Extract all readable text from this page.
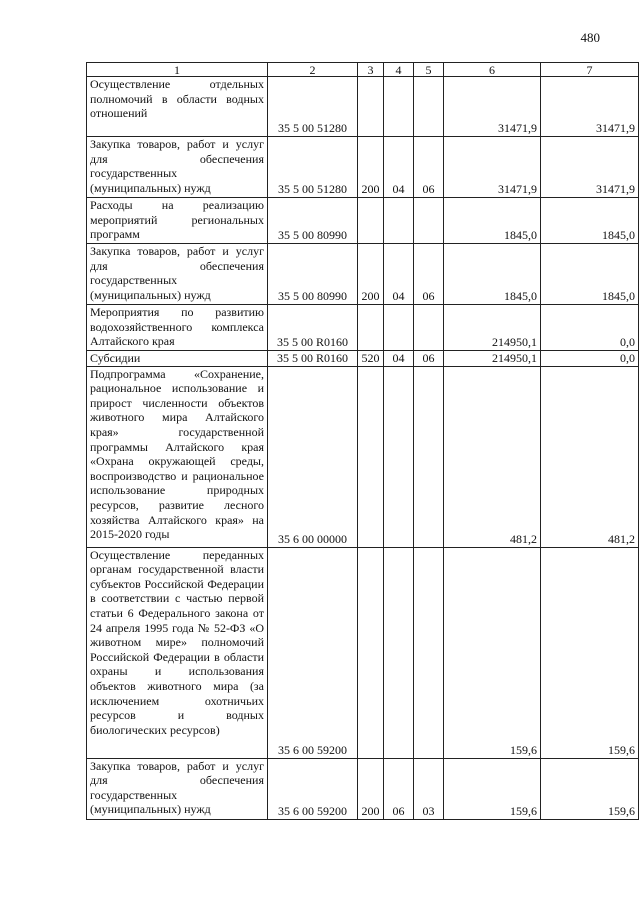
480
1	2	3	4	5	6	7

Осуществление отдельных полномочий в области водных отношений	35 5 00 51280				31471,9	31471,9

Закупка товаров, работ и услуг для обеспечения государственных (муниципальных) нужд	35 5 00 51280	200	04	06	31471,9	31471,9

Расходы на реализацию мероприятий региональных программ	35 5 00 80990				1845,0	1845,0

Закупка товаров, работ и услуг для обеспечения государственных (муниципальных) нужд	35 5 00 80990	200	04	06	1845,0	1845,0

Мероприятия по развитию водохозяйственного комплекса Алтайского края	35 5 00 R0160				214950,1	0,0

Субсидии	35 5 00 R0160	520	04	06	214950,1	0,0

Подпрограмма «Сохранение, рациональное использование и прирост численности объектов животного мира Алтайского края» государственной программы Алтайского края «Охрана окружающей среды, воспроизводство и рациональное использование природных ресурсов, развитие лесного хозяйства Алтайского края» на 2015-2020 годы	35 6 00 00000				481,2	481,2

Осуществление переданных органам государственной власти субъектов Российской Федерации в соответствии с частью первой статьи 6 Федерального закона от 24 апреля 1995 года № 52-ФЗ «О животном мире» полномочий Российской Федерации в области охраны и использования объектов животного мира (за исключением охотничьих ресурсов и водных биологических ресурсов)	35 6 00 59200				159,6	159,6

Закупка товаров, работ и услуг для обеспечения государственных (муниципальных) нужд	35 6 00 59200	200	06	03	159,6	159,6
